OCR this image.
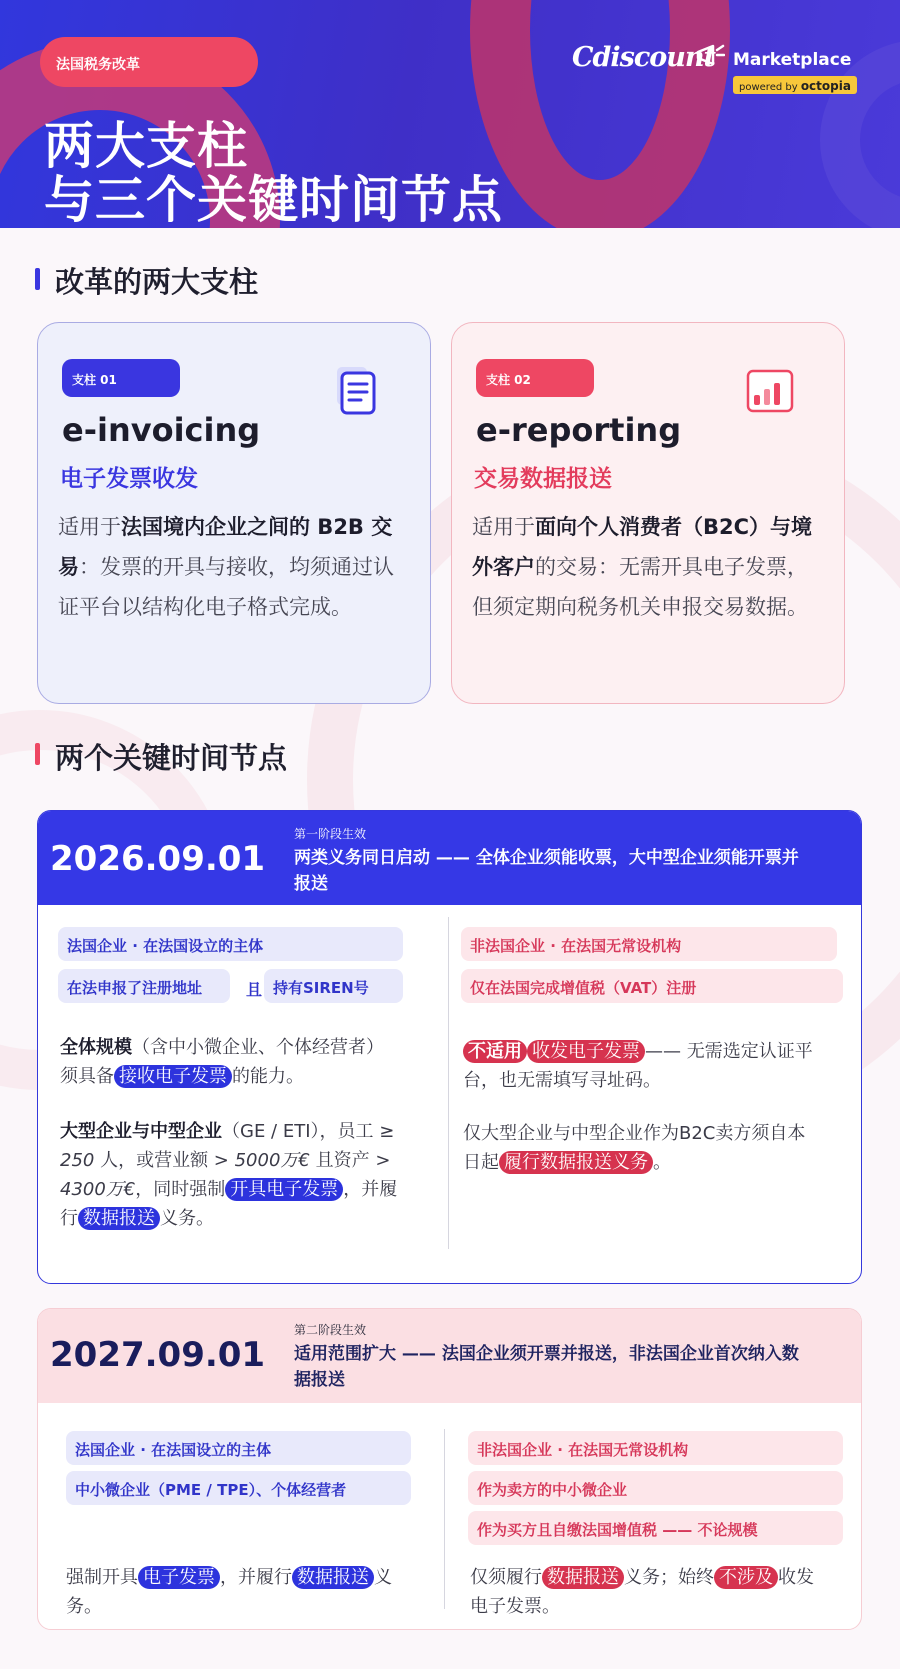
法国税务改革
两大支柱
与三个关键时间节点
Cdiscount Marketplace
powered by octopia
改革的两大支柱
支柱 01
e-invoicing
电子发票收发
适用于法国境内企业之间的 B2B 交易：发票的开具与接收，均须通过认证平台以结构化电子格式完成。
支柱 02
e-reporting
交易数据报送
适用于面向个人消费者（B2C）与境外客户的交易：无需开具电子发票，但须定期向税务机关申报交易数据。
两个关键时间节点
2026.09.01
第一阶段生效
两类义务同日启动 —— 全体企业须能收票，大中型企业须能开票并报送
法国企业 · 在法国设立的主体
在法申报了注册地址	且 持有SIREN号
全体规模（含中小微企业、个体经营者）须具备 接收电子发票 的能力。
大型企业与中型企业（GE / ETI），员工 ≥ 250 人，或营业额 > 5000万€ 且资产 > 4300万€，同时强制 开具电子发票 ，并履行 数据报送 义务。
非法国企业 · 在法国无常设机构
仅在法国完成增值税（VAT）注册
不适用 收发电子发票 —— 无需选定认证平台，也无需填写寻址码。
仅大型企业与中型企业作为B2C卖方须自本日起 履行数据报送义务 。
2027.09.01
第二阶段生效
适用范围扩大 —— 法国企业须开票并报送，非法国企业首次纳入数据报送
法国企业 · 在法国设立的主体
中小微企业（PME / TPE）、个体经营者
强制开具 电子发票 ，并履行 数据报送 义务。
非法国企业 · 在法国无常设机构
作为卖方的中小微企业
作为买方且自缴法国增值税 —— 不论规模
仅须履行 数据报送 义务；始终 不涉及 收发电子发票。
